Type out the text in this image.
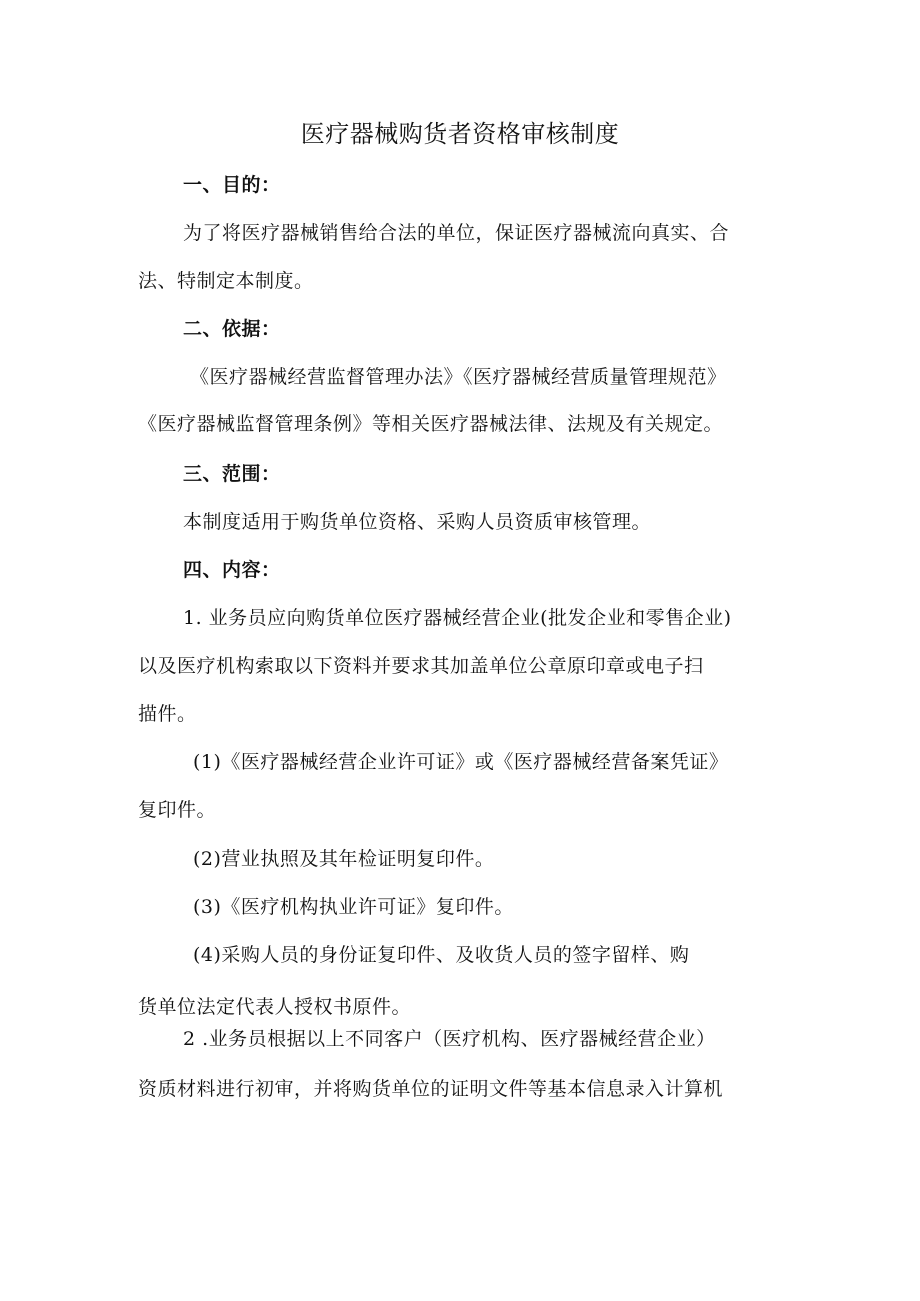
医疗器械购货者资格审核制度
一、目的：
为了将医疗器械销售给合法的单位，保证医疗器械流向真实、合
法、特制定本制度。
二、依据：
《医疗器械经营监督管理办法》《医疗器械经营质量管理规范》
《医疗器械监督管理条例》等相关医疗器械法律、法规及有关规定。
三、范围：
本制度适用于购货单位资格、采购人员资质审核管理。
四、内容：
1. 业务员应向购货单位医疗器械经营企业(批发企业和零售企业)
以及医疗机构索取以下资料并要求其加盖单位公章原印章或电子扫
描件。
(1)《医疗器械经营企业许可证》或《医疗器械经营备案凭证》
复印件。
(2)营业执照及其年检证明复印件。
(3)《医疗机构执业许可证》复印件。
(4)采购人员的身份证复印件、及收货人员的签字留样、购
货单位法定代表人授权书原件。
2 .业务员根据以上不同客户（医疗机构、医疗器械经营企业）
资质材料进行初审，并将购货单位的证明文件等基本信息录入计算机
